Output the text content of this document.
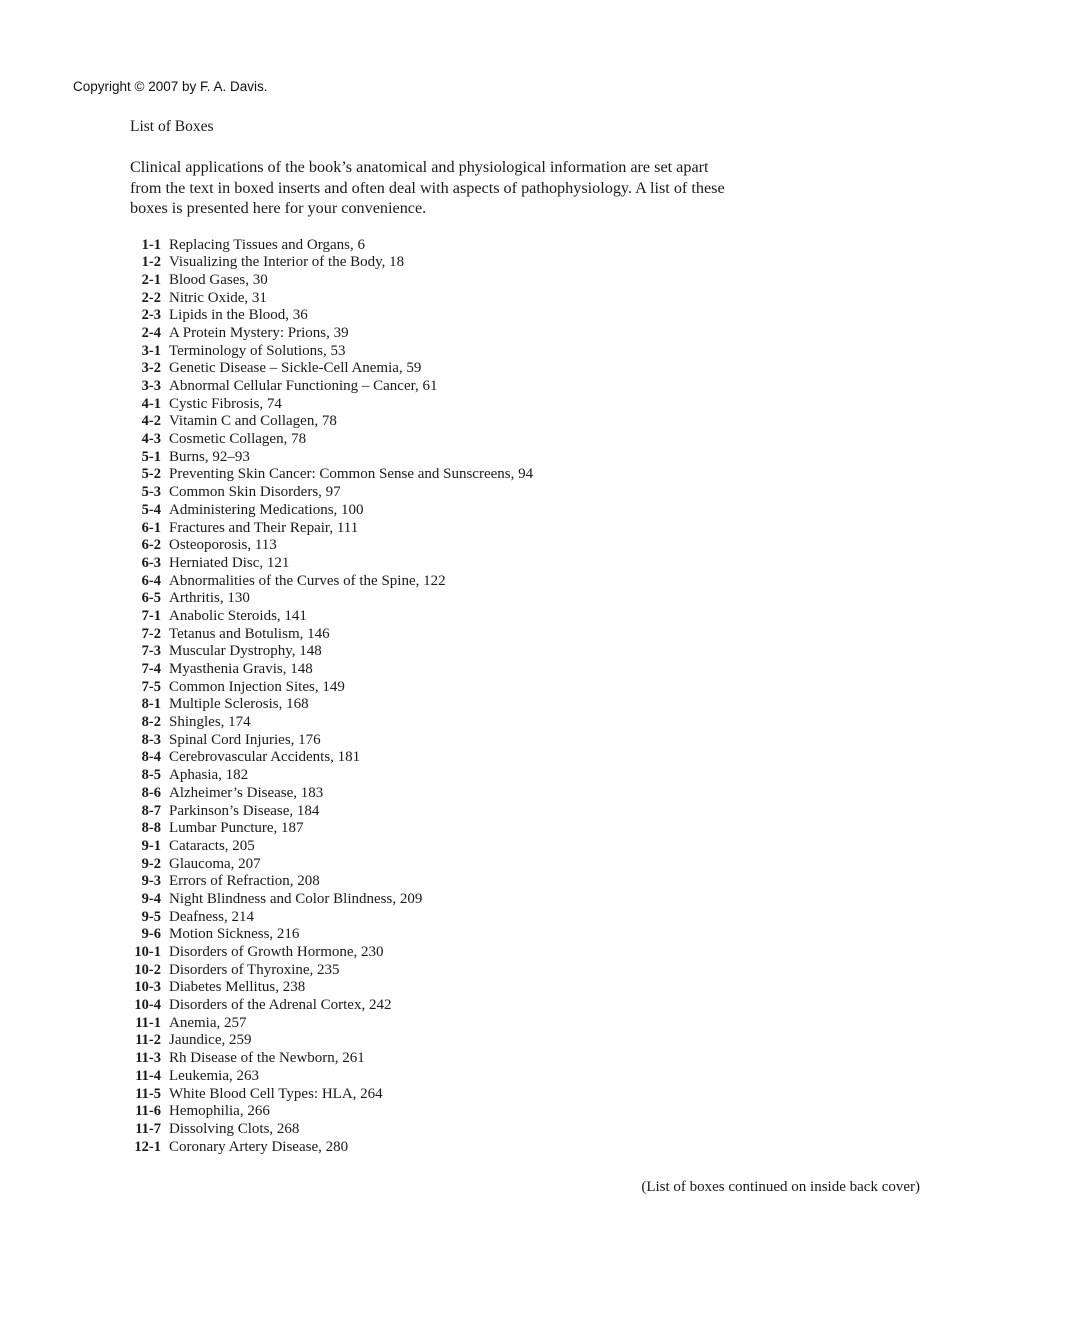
Copyright © 2007 by F. A. Davis.
List of Boxes

Clinical applications of the book’s anatomical and physiological information are set apart from the text in boxed inserts and often deal with aspects of pathophysiology. A list of these boxes is presented here for your convenience.

1-1 Replacing Tissues and Organs, 6
1-2 Visualizing the Interior of the Body, 18
2-1 Blood Gases, 30
2-2 Nitric Oxide, 31
2-3 Lipids in the Blood, 36
2-4 A Protein Mystery: Prions, 39
3-1 Terminology of Solutions, 53
3-2 Genetic Disease – Sickle-Cell Anemia, 59
3-3 Abnormal Cellular Functioning – Cancer, 61
4-1 Cystic Fibrosis, 74
4-2 Vitamin C and Collagen, 78
4-3 Cosmetic Collagen, 78
5-1 Burns, 92–93
5-2 Preventing Skin Cancer: Common Sense and Sunscreens, 94
5-3 Common Skin Disorders, 97
5-4 Administering Medications, 100
6-1 Fractures and Their Repair, 111
6-2 Osteoporosis, 113
6-3 Herniated Disc, 121
6-4 Abnormalities of the Curves of the Spine, 122
6-5 Arthritis, 130
7-1 Anabolic Steroids, 141
7-2 Tetanus and Botulism, 146
7-3 Muscular Dystrophy, 148
7-4 Myasthenia Gravis, 148
7-5 Common Injection Sites, 149
8-1 Multiple Sclerosis, 168
8-2 Shingles, 174
8-3 Spinal Cord Injuries, 176
8-4 Cerebrovascular Accidents, 181
8-5 Aphasia, 182
8-6 Alzheimer’s Disease, 183
8-7 Parkinson’s Disease, 184
8-8 Lumbar Puncture, 187
9-1 Cataracts, 205
9-2 Glaucoma, 207
9-3 Errors of Refraction, 208
9-4 Night Blindness and Color Blindness, 209
9-5 Deafness, 214
9-6 Motion Sickness, 216
10-1 Disorders of Growth Hormone, 230
10-2 Disorders of Thyroxine, 235
10-3 Diabetes Mellitus, 238
10-4 Disorders of the Adrenal Cortex, 242
11-1 Anemia, 257
11-2 Jaundice, 259
11-3 Rh Disease of the Newborn, 261
11-4 Leukemia, 263
11-5 White Blood Cell Types: HLA, 264
11-6 Hemophilia, 266
11-7 Dissolving Clots, 268
12-1 Coronary Artery Disease, 280
(List of boxes continued on inside back cover)
